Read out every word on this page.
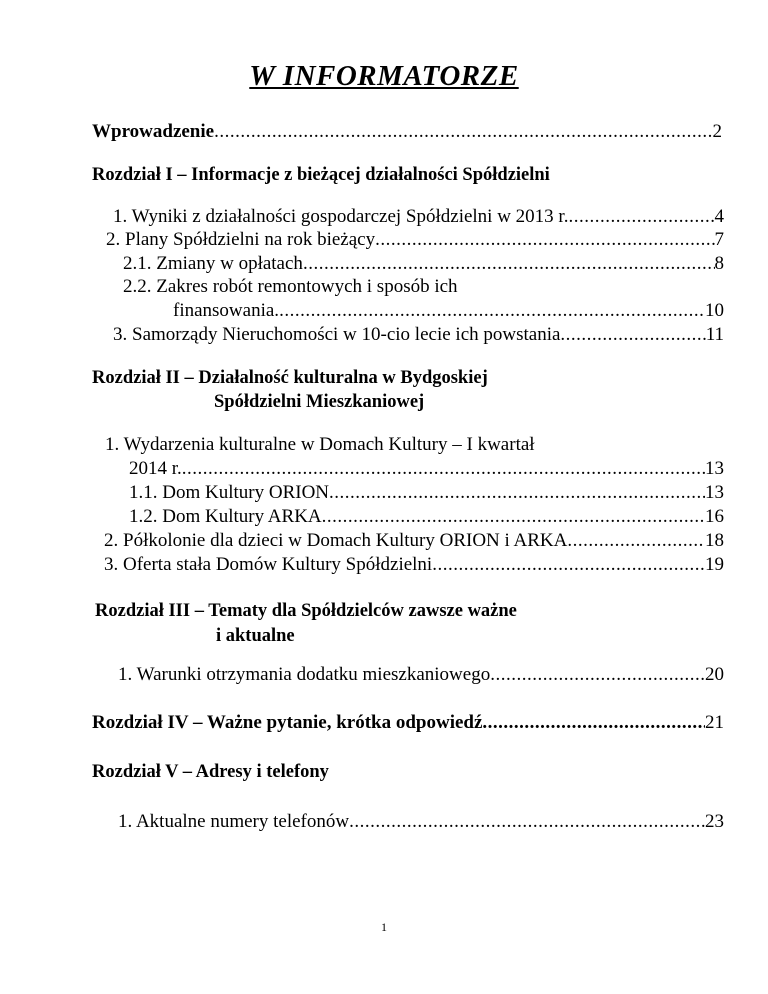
W INFORMATORZE
Wprowadzenie .....	2
Rozdział I – Informacje z bieżącej działalności Spółdzielni
1. Wyniki z działalności gospodarczej Spółdzielni w 2013 r. .....	4
2. Plany Spółdzielni na rok bieżący .....	7
2.1. Zmiany w opłatach .....	8
2.2. Zakres robót remontowych i sposób ich
finansowania. .....	10
3. Samorządy Nieruchomości w 10-cio lecie ich powstania .....	11
Rozdział II – Działalność kulturalna w Bydgoskiej
Spółdzielni Mieszkaniowej
1. Wydarzenia kulturalne w Domach Kultury – I kwartał
2014 r. .....	13
1.1. Dom Kultury ORION .....	13
1.2. Dom Kultury ARKA .....	16
2. Półkolonie dla dzieci w Domach Kultury ORION i ARKA .....	18
3. Oferta stała Domów Kultury Spółdzielni .....	19
Rozdział III – Tematy dla Spółdzielców zawsze ważne
i aktualne
1. Warunki otrzymania dodatku mieszkaniowego .....	20
Rozdział IV – Ważne pytanie, krótka odpowiedź .....	21
Rozdział V – Adresy i telefony
1. Aktualne numery telefonów .....	23
1
